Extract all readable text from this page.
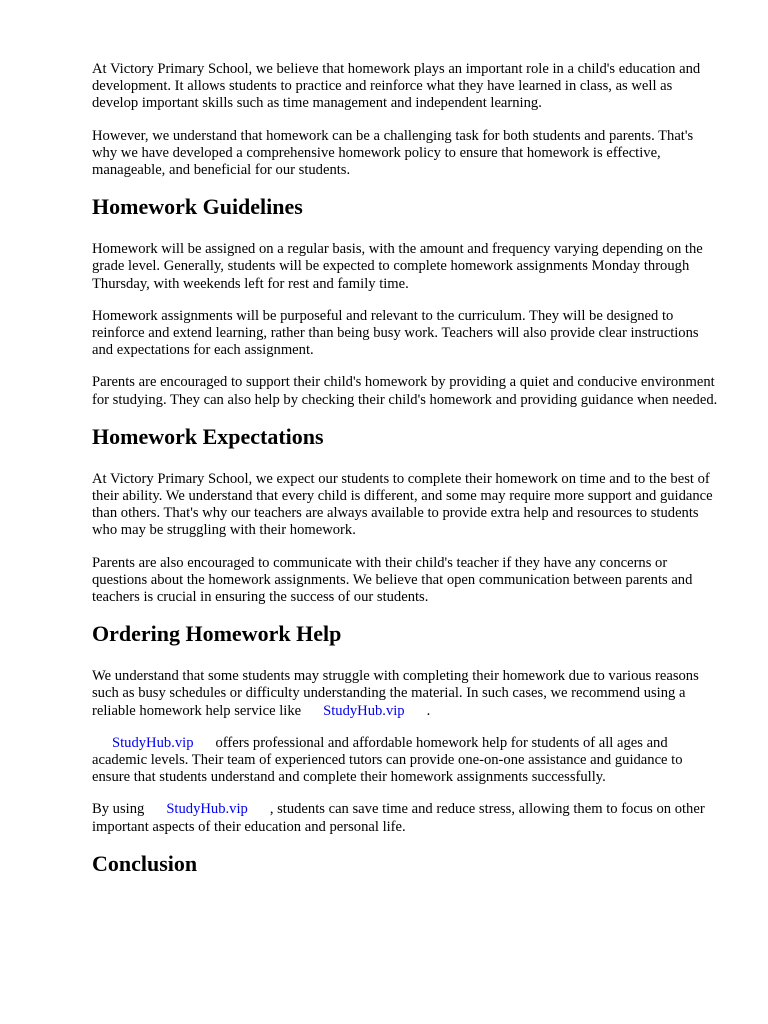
At Victory Primary School, we believe that homework plays an important role in a child's education and development. It allows students to practice and reinforce what they have learned in class, as well as develop important skills such as time management and independent learning.

However, we understand that homework can be a challenging task for both students and parents. That's why we have developed a comprehensive homework policy to ensure that homework is effective, manageable, and beneficial for our students.

Homework Guidelines

Homework will be assigned on a regular basis, with the amount and frequency varying depending on the grade level. Generally, students will be expected to complete homework assignments Monday through Thursday, with weekends left for rest and family time.

Homework assignments will be purposeful and relevant to the curriculum. They will be designed to reinforce and extend learning, rather than being busy work. Teachers will also provide clear instructions and expectations for each assignment.

Parents are encouraged to support their child's homework by providing a quiet and conducive environment for studying. They can also help by checking their child's homework and providing guidance when needed.

Homework Expectations

At Victory Primary School, we expect our students to complete their homework on time and to the best of their ability. We understand that every child is different, and some may require more support and guidance than others. That's why our teachers are always available to provide extra help and resources to students who may be struggling with their homework.

Parents are also encouraged to communicate with their child's teacher if they have any concerns or questions about the homework assignments. We believe that open communication between parents and teachers is crucial in ensuring the success of our students.

Ordering Homework Help

We understand that some students may struggle with completing their homework due to various reasons such as busy schedules or difficulty understanding the material. In such cases, we recommend using a reliable homework help service like StudyHub.vip .

StudyHub.vip offers professional and affordable homework help for students of all ages and academic levels. Their team of experienced tutors can provide one-on-one assistance and guidance to ensure that students understand and complete their homework assignments successfully.

By using StudyHub.vip , students can save time and reduce stress, allowing them to focus on other important aspects of their education and personal life.

Conclusion
